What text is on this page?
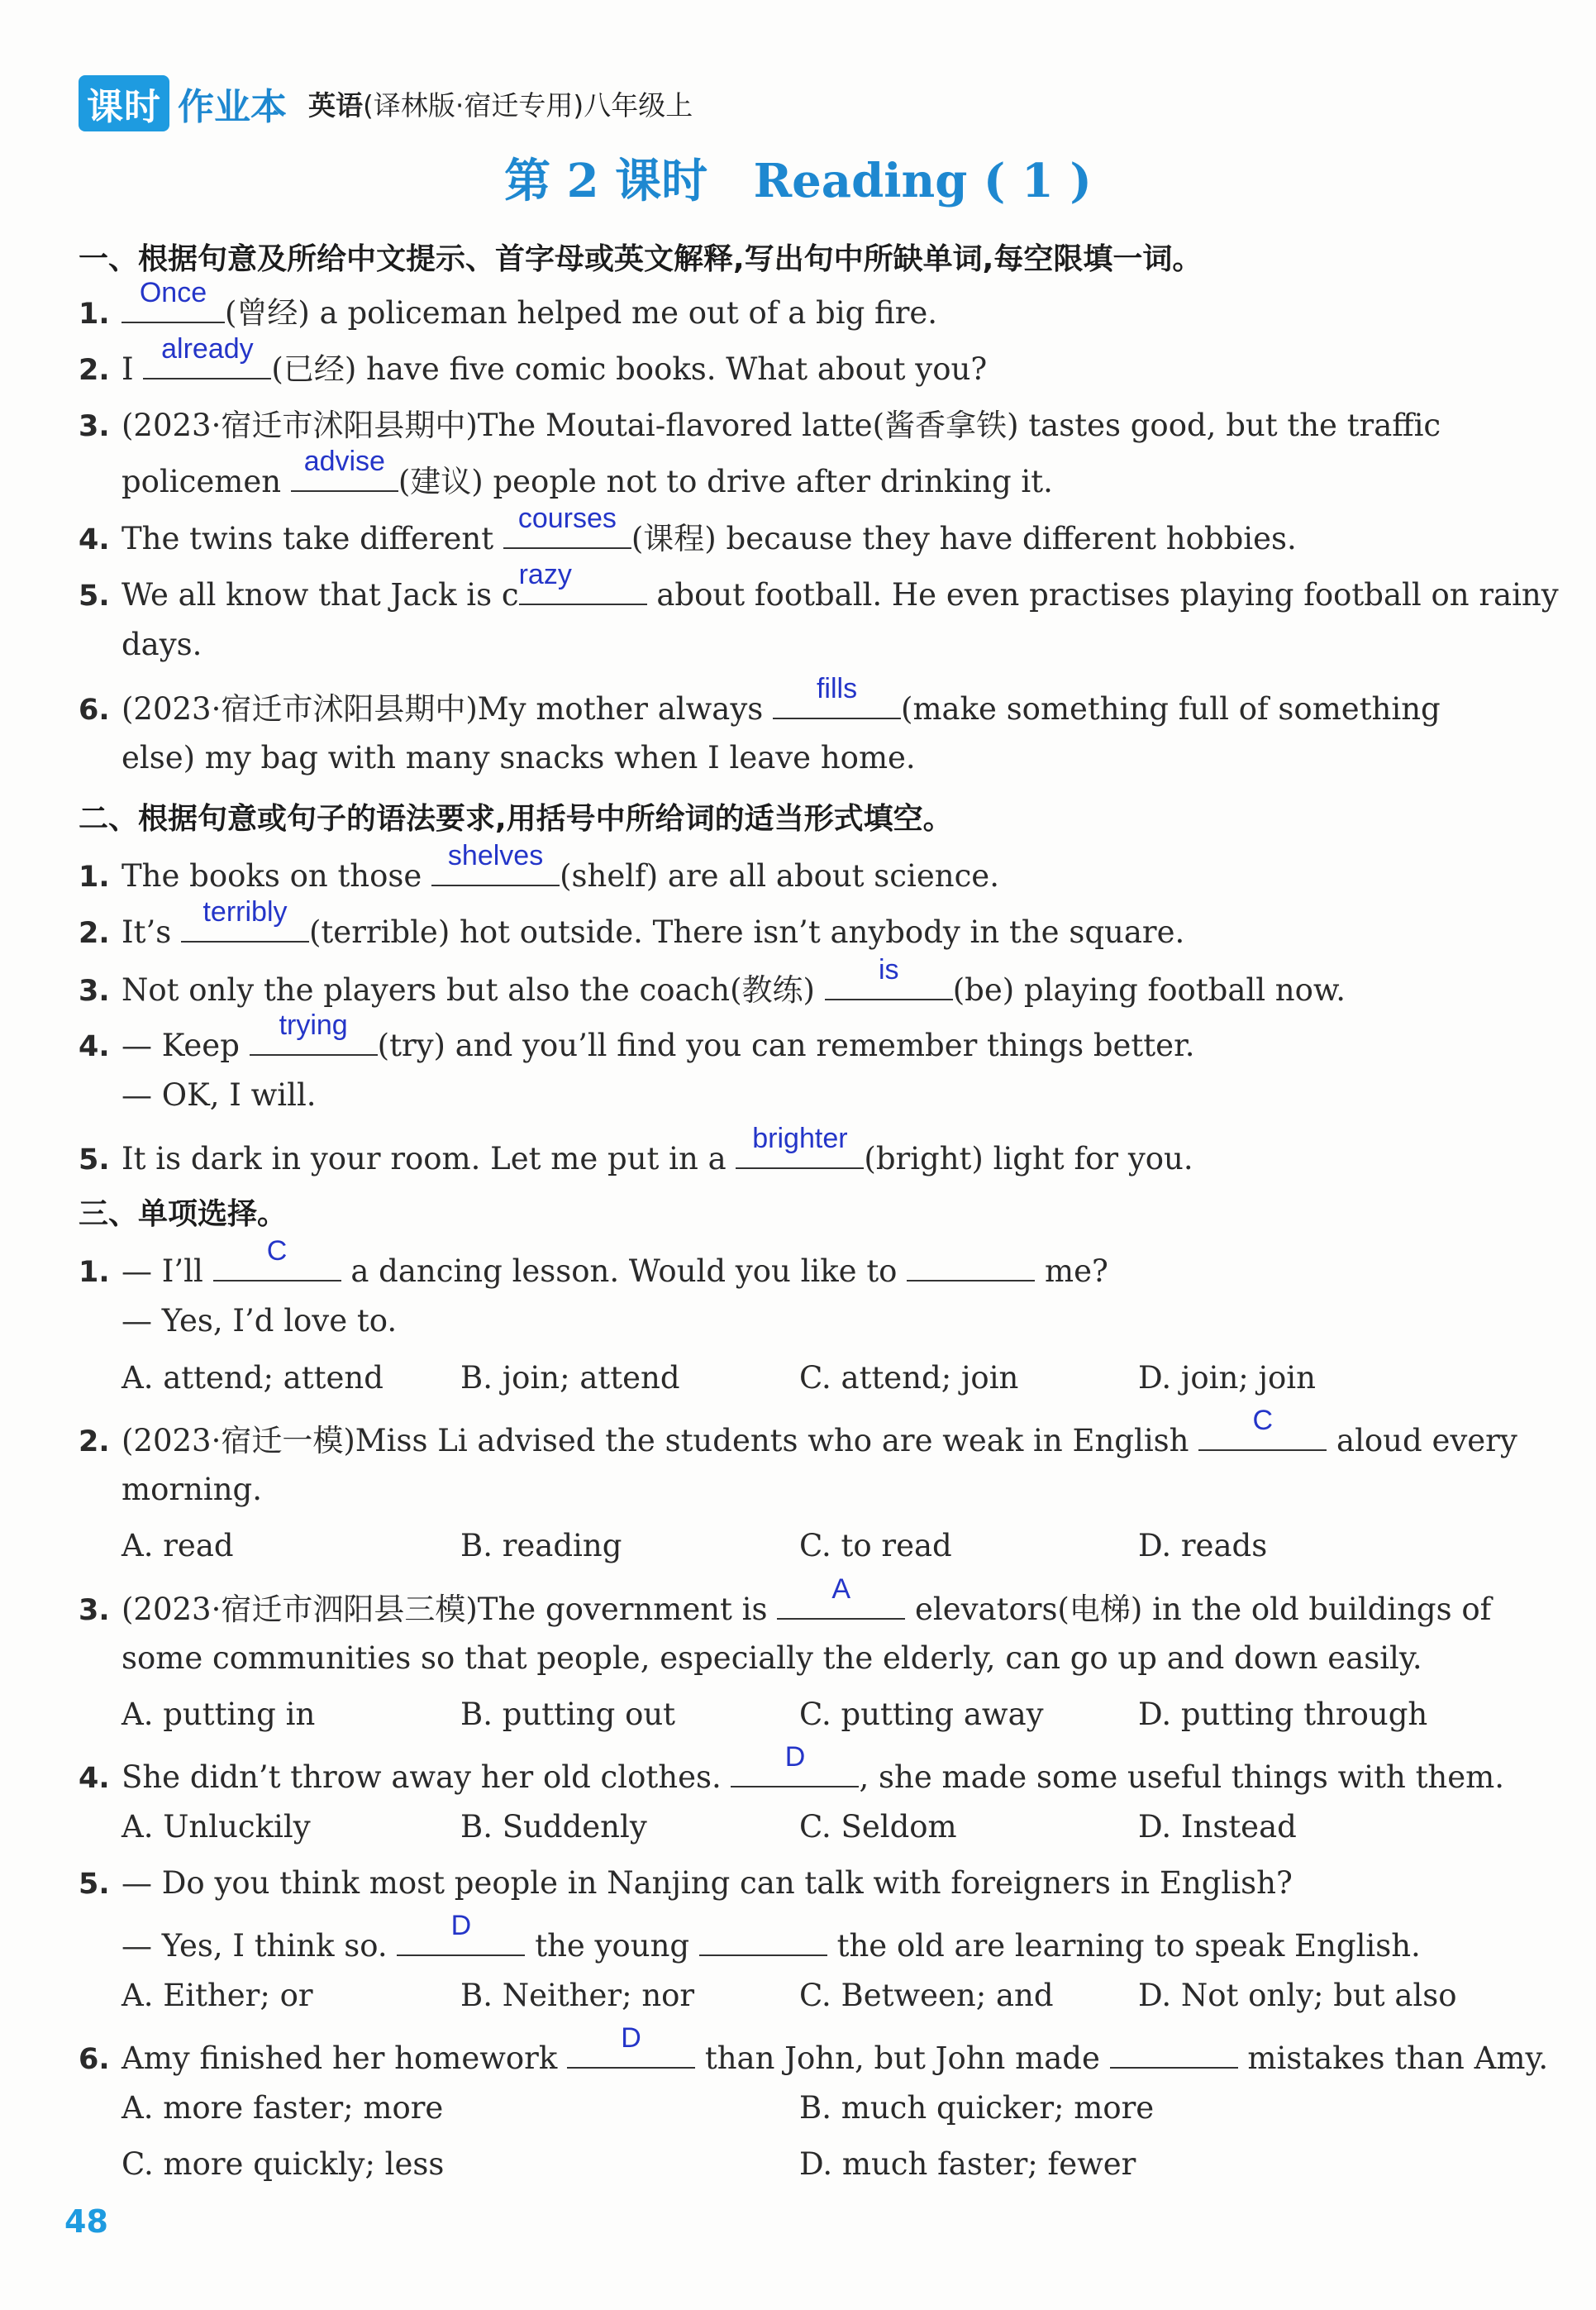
课时 作业本 英语 (译林版·宿迁专用)八年级上
第 2 课时 Reading ( 1 )
一、根据句意及所给中文提示、首字母或英文解释,写出句中所缺单词,每空限填一词。
1.
Once
(曾经) a policeman helped me out of a big fire.
2. I
already
(已经) have five comic books. What about you?
3. (2023·宿迁市沭阳县期中)The Moutai-flavored latte(酱香拿铁) tastes good, but the traffic
policemen
advise
(建议) people not to drive after drinking it.
4. The twins take different
courses
(课程) because they have different hobbies.
5. We all know that Jack is c
razy
about football. He even practises playing football on rainy
days.
6. (2023·宿迁市沭阳县期中)My mother always
fills
(make something full of something
else) my bag with many snacks when I leave home.
二、根据句意或句子的语法要求,用括号中所给词的适当形式填空。
1. The books on those
shelves
(shelf) are all about science.
2. It’s
terribly
(terrible) hot outside. There isn’t anybody in the square.
3. Not only the players but also the coach(教练)
is
(be) playing football now.
4. — Keep
trying
(try) and you’ll find you can remember things better.
— OK, I will.
5. It is dark in your room. Let me put in a
brighter
(bright) light for you.
三、单项选择。
1. — I’ll
C
a dancing lesson. Would you like to	me?
— Yes, I’d love to.
A. attend; attend	B. join; attend	C. attend; join	D. join; join
2. (2023·宿迁一模)Miss Li advised the students who are weak in English
C
aloud every
morning.
A. read	B. reading	C. to read	D. reads
3. (2023·宿迁市泗阳县三模)The government is
A
elevators(电梯) in the old buildings of
some communities so that people, especially the elderly, can go up and down easily.
A. putting in	B. putting out	C. putting away	D. putting through
4. She didn’t throw away her old clothes.
D
, she made some useful things with them.
A. Unluckily	B. Suddenly	C. Seldom	D. Instead
5. — Do you think most people in Nanjing can talk with foreigners in English?
— Yes, I think so.
D
the young	the old are learning to speak English.
A. Either; or	B. Neither; nor	C. Between; and	D. Not only; but also
6. Amy finished her homework
D
than John, but John made	mistakes than Amy.
A. more faster; more	B. much quicker; more
C. more quickly; less	D. much faster; fewer
48
